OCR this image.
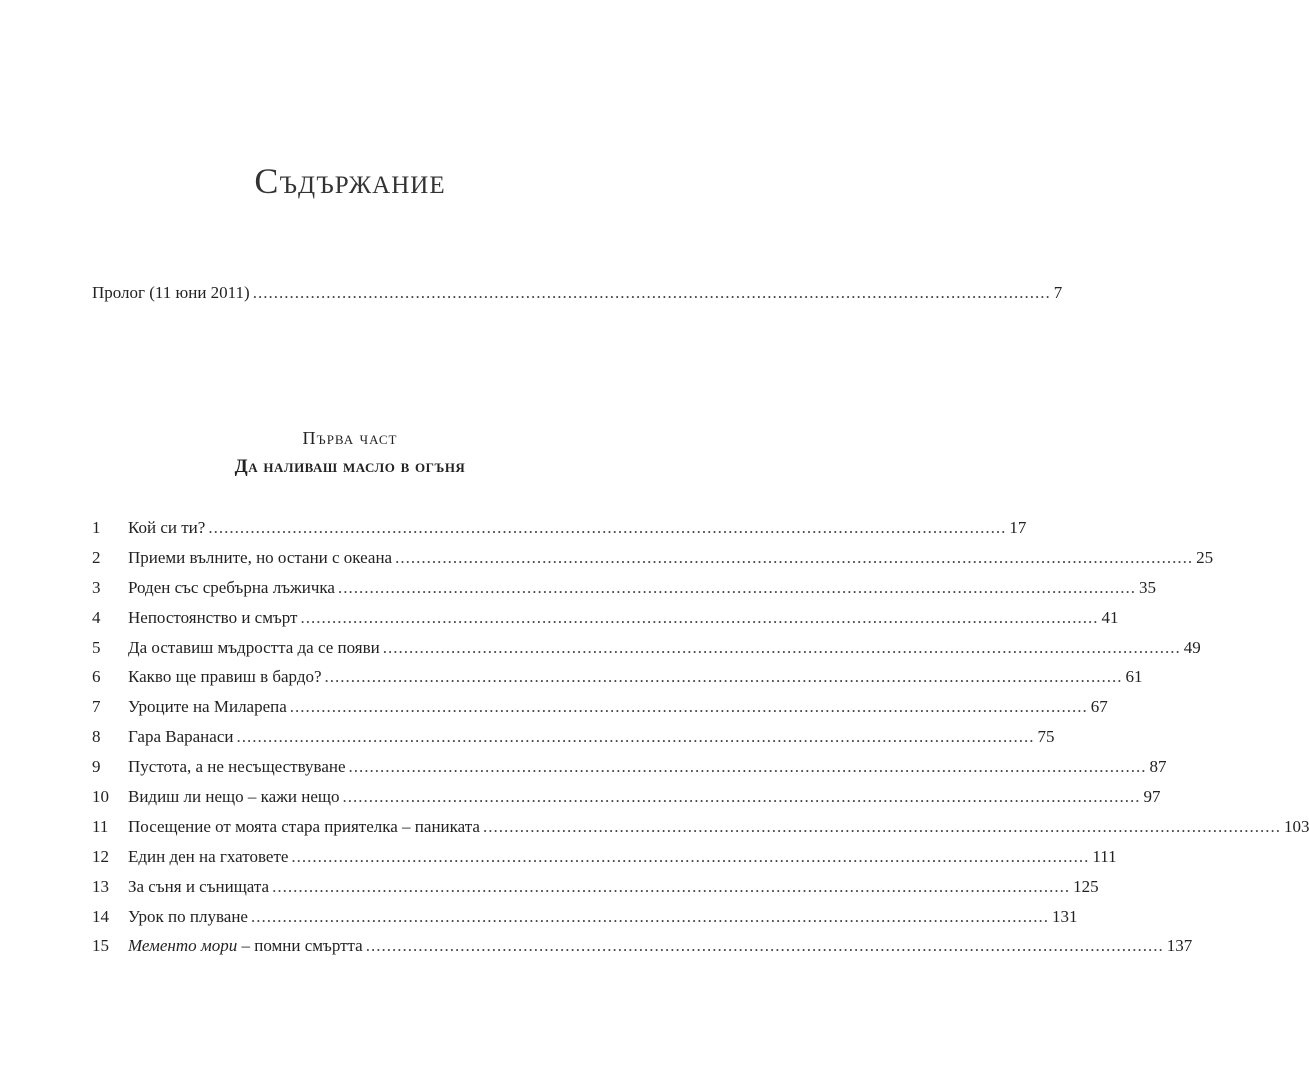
Съдържание
Пролог (11 юни 2011) ........................................................................................................................................................ 7
Първа част
Да наливаш масло в огъня
1	Кой си ти? ........................................................................................................................................................ 17
2	Приеми вълните, но остани с океана ........................................................................................................................................................ 25
3	Роден със сребърна лъжичка ........................................................................................................................................................ 35
4	Непостоянство и смърт ........................................................................................................................................................ 41
5	Да оставиш мъдростта да се появи ........................................................................................................................................................ 49
6	Какво ще правиш в бардо? ........................................................................................................................................................ 61
7	Уроците на Миларепа ........................................................................................................................................................ 67
8	Гара Варанаси ........................................................................................................................................................ 75
9	Пустота, а не несъществуване ........................................................................................................................................................ 87
10	Видиш ли нещо – кажи нещо ........................................................................................................................................................ 97
11	Посещение от моята стара приятелка – паниката ........................................................................................................................................................ 103
12	Един ден на гхатовете ........................................................................................................................................................ 111
13	За съня и сънищата ........................................................................................................................................................ 125
14	Урок по плуване ........................................................................................................................................................ 131
15	Мементо мори – помни смъртта ........................................................................................................................................................ 137
